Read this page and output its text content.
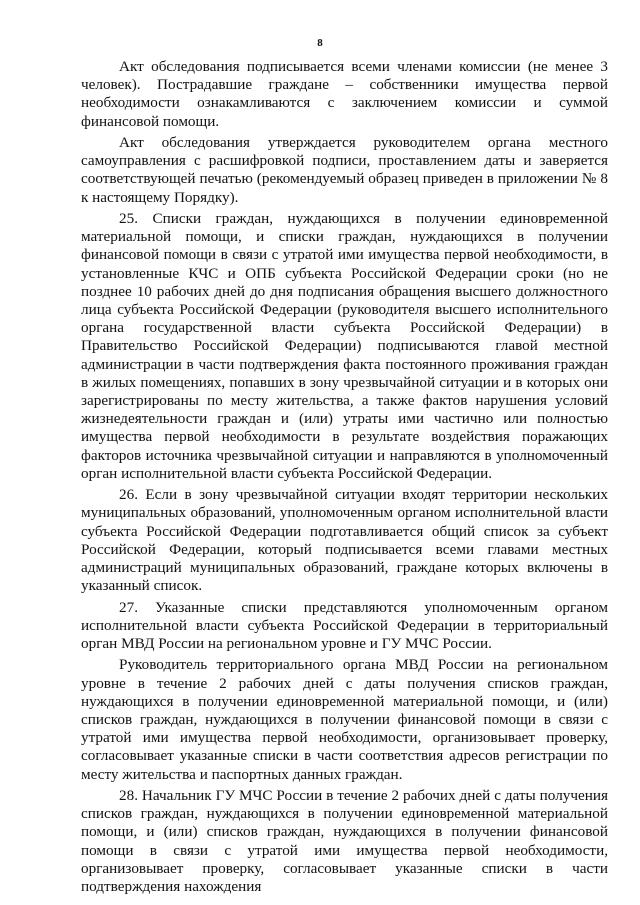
8

Акт обследования подписывается всеми членами комиссии (не менее 3 человек). Пострадавшие граждане – собственники имущества первой необходимости ознакамливаются с заключением комиссии и суммой финансовой помощи.

Акт обследования утверждается руководителем органа местного самоуправления с расшифровкой подписи, проставлением даты и заверяется соответствующей печатью (рекомендуемый образец приведен в приложении № 8 к настоящему Порядку).

25. Списки граждан, нуждающихся в получении единовременной материальной помощи, и списки граждан, нуждающихся в получении финансовой помощи в связи с утратой ими имущества первой необходимости, в установленные КЧС и ОПБ субъекта Российской Федерации сроки (но не позднее 10 рабочих дней до дня подписания обращения высшего должностного лица субъекта Российской Федерации (руководителя высшего исполнительного органа государственной власти субъекта Российской Федерации) в Правительство Российской Федерации) подписываются главой местной администрации в части подтверждения факта постоянного проживания граждан в жилых помещениях, попавших в зону чрезвычайной ситуации и в которых они зарегистрированы по месту жительства, а также фактов нарушения условий жизнедеятельности граждан и (или) утраты ими частично или полностью имущества первой необходимости в результате воздействия поражающих факторов источника чрезвычайной ситуации и направляются в уполномоченный орган исполнительной власти субъекта Российской Федерации.

26. Если в зону чрезвычайной ситуации входят территории нескольких муниципальных образований, уполномоченным органом исполнительной власти субъекта Российской Федерации подготавливается общий список за субъект Российской Федерации, который подписывается всеми главами местных администраций муниципальных образований, граждане которых включены в указанный список.

27. Указанные списки представляются уполномоченным органом исполнительной власти субъекта Российской Федерации в территориальный орган МВД России на региональном уровне и ГУ МЧС России.

Руководитель территориального органа МВД России на региональном уровне в течение 2 рабочих дней с даты получения списков граждан, нуждающихся в получении единовременной материальной помощи, и (или) списков граждан, нуждающихся в получении финансовой помощи в связи с утратой ими имущества первой необходимости, организовывает проверку, согласовывает указанные списки в части соответствия адресов регистрации по месту жительства и паспортных данных граждан.

28. Начальник ГУ МЧС России в течение 2 рабочих дней с даты получения списков граждан, нуждающихся в получении единовременной материальной помощи, и (или) списков граждан, нуждающихся в получении финансовой помощи в связи с утратой ими имущества первой необходимости, организовывает проверку, согласовывает указанные списки в части подтверждения нахождения
